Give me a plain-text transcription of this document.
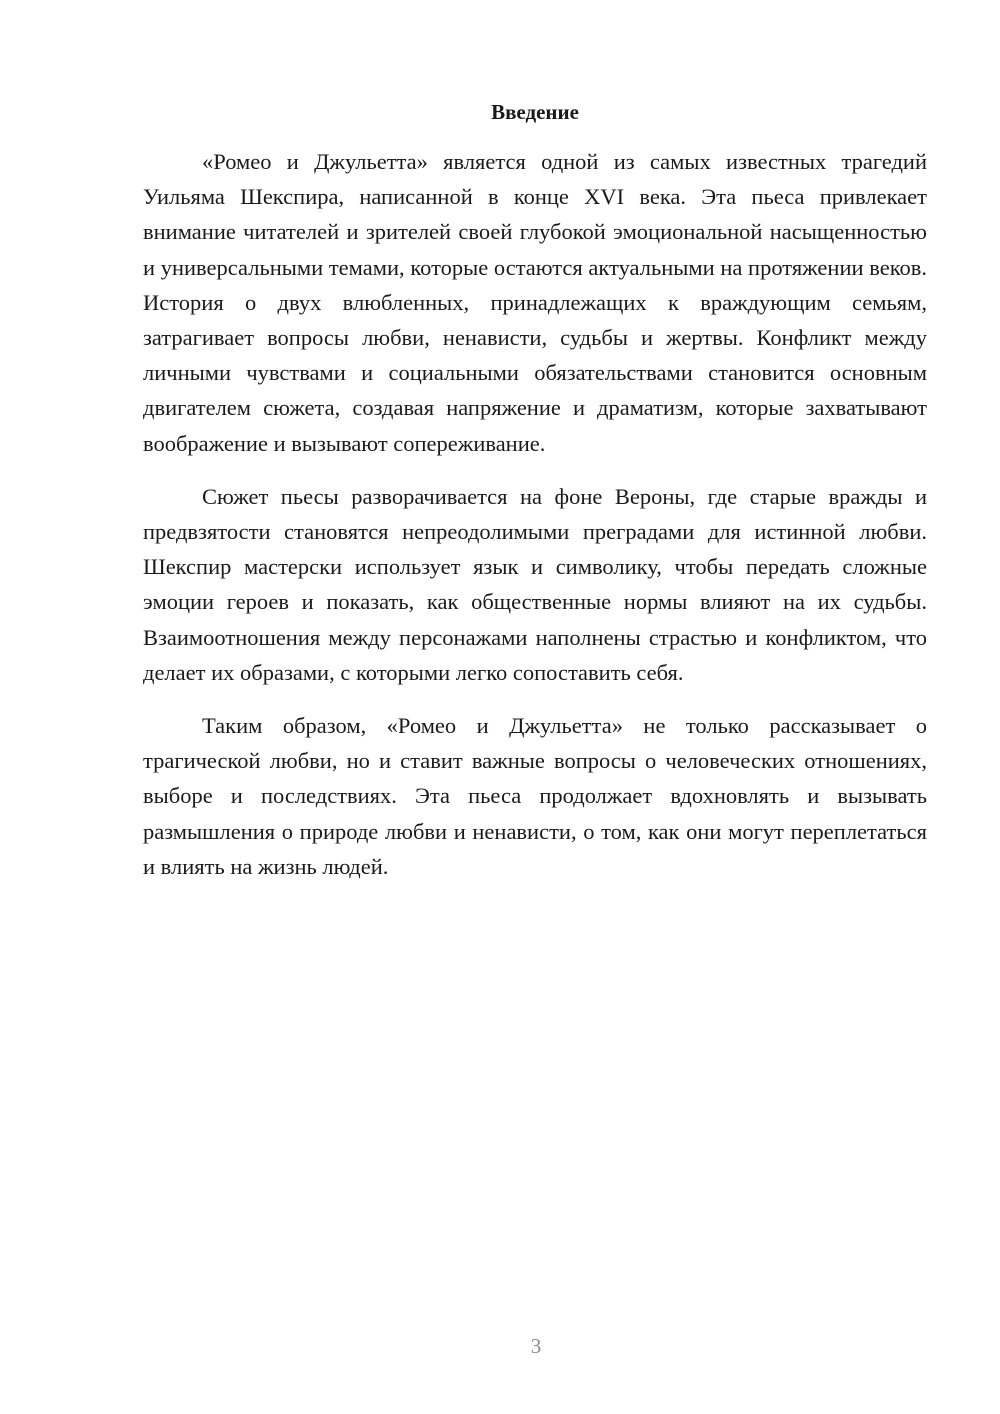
Введение

«Ромео и Джульетта» является одной из самых известных трагедий Уильяма Шекспира, написанной в конце XVI века. Эта пьеса привлекает внимание читателей и зрителей своей глубокой эмоциональной насыщенностью и универсальными темами, которые остаются актуальными на протяжении веков. История о двух влюбленных, принадлежащих к враждующим семьям, затрагивает вопросы любви, ненависти, судьбы и жертвы. Конфликт между личными чувствами и социальными обязательствами становится основным двигателем сюжета, создавая напряжение и драматизм, которые захватывают воображение и вызывают сопереживание.

Сюжет пьесы разворачивается на фоне Вероны, где старые вражды и предвзятости становятся непреодолимыми преградами для истинной любви. Шекспир мастерски использует язык и символику, чтобы передать сложные эмоции героев и показать, как общественные нормы влияют на их судьбы. Взаимоотношения между персонажами наполнены страстью и конфликтом, что делает их образами, с которыми легко сопоставить себя.

Таким образом, «Ромео и Джульетта» не только рассказывает о трагической любви, но и ставит важные вопросы о человеческих отношениях, выборе и последствиях. Эта пьеса продолжает вдохновлять и вызывать размышления о природе любви и ненависти, о том, как они могут переплетаться и влиять на жизнь людей.

3
